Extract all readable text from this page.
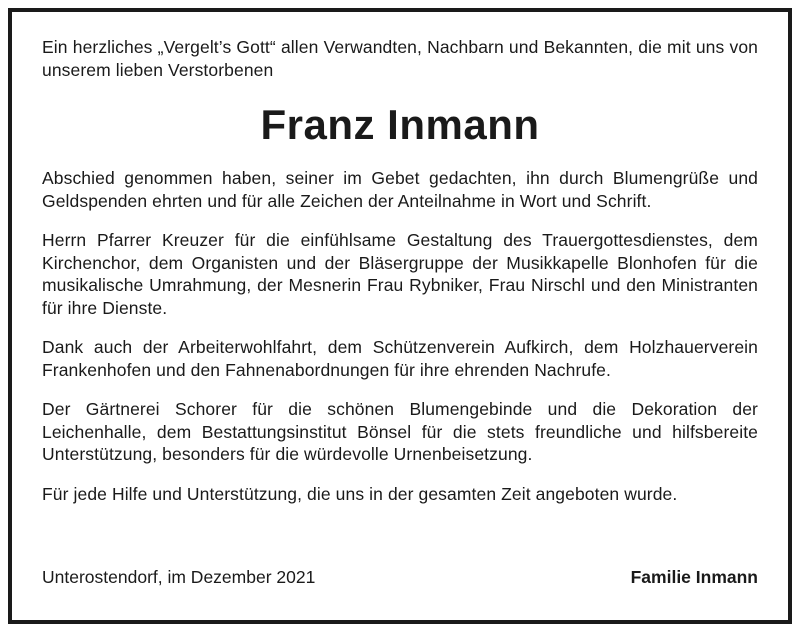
Ein herzliches „Vergelt’s Gott“ allen Verwandten, Nachbarn und Bekannten, die mit uns von unserem lieben Verstorbenen

Franz Inmann

Abschied genommen haben, seiner im Gebet gedachten, ihn durch Blumengrüße und Geldspenden ehrten und für alle Zeichen der Anteilnahme in Wort und Schrift.

Herrn Pfarrer Kreuzer für die einfühlsame Gestaltung des Trauergottesdienstes, dem Kirchenchor, dem Organisten und der Bläsergruppe der Musikkapelle Blonhofen für die musikalische Umrahmung, der Mesnerin Frau Rybniker, Frau Nirschl und den Ministranten für ihre Dienste.

Dank auch der Arbeiterwohlfahrt, dem Schützenverein Aufkirch, dem Holzhauerverein Frankenhofen und den Fahnenabordnungen für ihre ehrenden Nachrufe.

Der Gärtnerei Schorer für die schönen Blumengebinde und die Dekoration der Leichenhalle, dem Bestattungsinstitut Bönsel für die stets freundliche und hilfsbereite Unterstützung, besonders für die würdevolle Urnenbeisetzung.

Für jede Hilfe und Unterstützung, die uns in der gesamten Zeit angeboten wurde.

Unterostendorf, im Dezember 2021	Familie Inmann
